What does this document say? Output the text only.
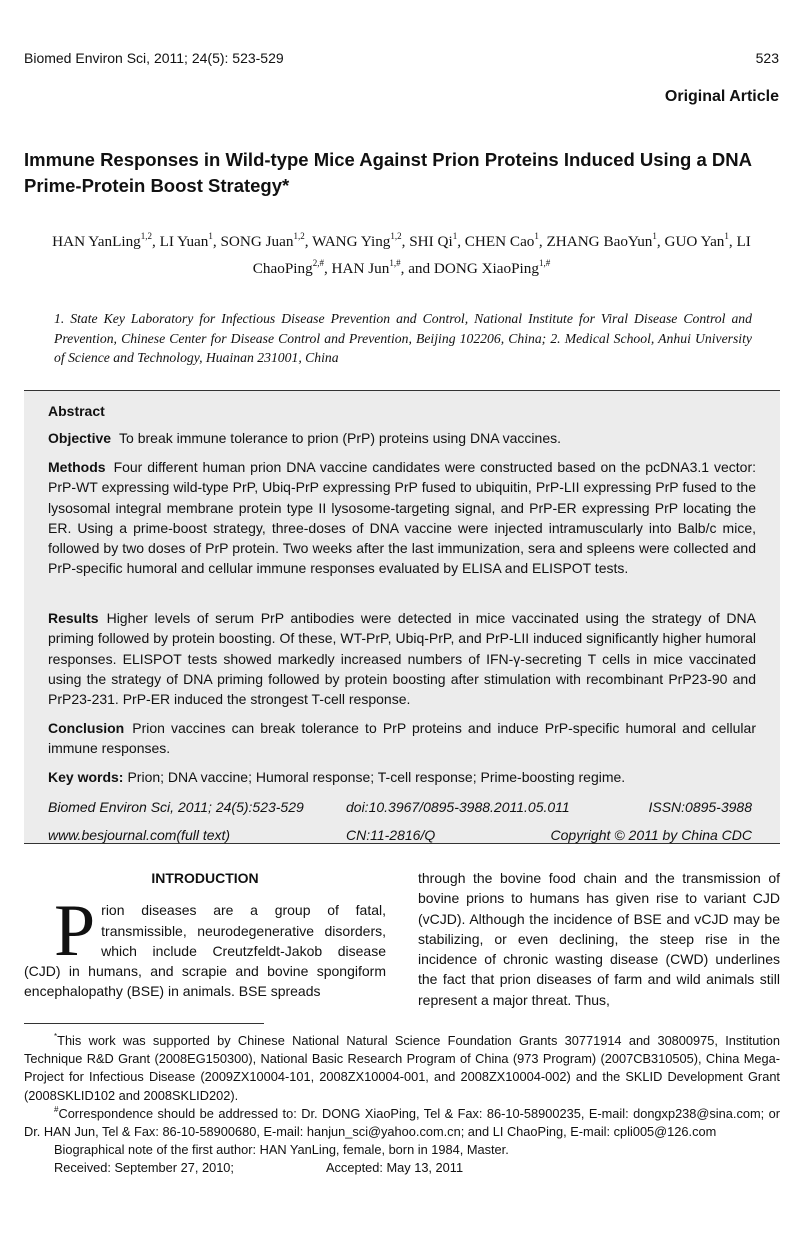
Biomed Environ Sci, 2011; 24(5): 523-529	523
Original Article
Immune Responses in Wild-type Mice Against Prion Proteins Induced Using a DNA Prime-Protein Boost Strategy*
HAN YanLing$^{1,2}$, LI Yuan$^1$, SONG Juan$^{1,2}$, WANG Ying$^{1,2}$, SHI Qi$^1$, CHEN Cao$^1$, ZHANG BaoYun$^1$, GUO Yan$^1$, LI ChaoPing$^{2,\#}$, HAN Jun$^{1,\#}$, and DONG XiaoPing$^{1,\#}$
1. State Key Laboratory for Infectious Disease Prevention and Control, National Institute for Viral Disease Control and Prevention, Chinese Center for Disease Control and Prevention, Beijing 102206, China; 2. Medical School, Anhui University of Science and Technology, Huainan 231001, China
Abstract
Objective To break immune tolerance to prion (PrP) proteins using DNA vaccines.
Methods Four different human prion DNA vaccine candidates were constructed based on the pcDNA3.1 vector: PrP-WT expressing wild-type PrP, Ubiq-PrP expressing PrP fused to ubiquitin, PrP-LII expressing PrP fused to the lysosomal integral membrane protein type II lysosome-targeting signal, and PrP-ER expressing PrP locating the ER. Using a prime-boost strategy, three-doses of DNA vaccine were injected intramuscularly into Balb/c mice, followed by two doses of PrP protein. Two weeks after the last immunization, sera and spleens were collected and PrP-specific humoral and cellular immune responses evaluated by ELISA and ELISPOT tests.
Results Higher levels of serum PrP antibodies were detected in mice vaccinated using the strategy of DNA priming followed by protein boosting. Of these, WT-PrP, Ubiq-PrP, and PrP-LII induced significantly higher humoral responses. ELISPOT tests showed markedly increased numbers of IFN-γ-secreting T cells in mice vaccinated using the strategy of DNA priming followed by protein boosting after stimulation with recombinant PrP23-90 and PrP23-231. PrP-ER induced the strongest T-cell response.
Conclusion Prion vaccines can break tolerance to PrP proteins and induce PrP-specific humoral and cellular immune responses.
Key words: Prion; DNA vaccine; Humoral response; T-cell response; Prime-boosting regime.
Biomed Environ Sci, 2011; 24(5):523-529	doi:10.3967/0895-3988.2011.05.011	ISSN:0895-3988
www.besjournal.com(full text)	CN:11-2816/Q	Copyright © 2011 by China CDC
INTRODUCTION

Prion diseases are a group of fatal, transmissible, neurodegenerative disorders, which include Creutzfeldt-Jakob disease (CJD) in humans, and scrapie and bovine spongiform encephalopathy (BSE) in animals. BSE spreads

through the bovine food chain and the transmission of bovine prions to humans has given rise to variant CJD (vCJD). Although the incidence of BSE and vCJD may be stabilizing, or even declining, the steep rise in the incidence of chronic wasting disease (CWD) underlines the fact that prion diseases of farm and wild animals still represent a major threat. Thus,

*This work was supported by Chinese National Natural Science Foundation Grants 30771914 and 30800975, Institution Technique R&D Grant (2008EG150300), National Basic Research Program of China (973 Program) (2007CB310505), China Mega-Project for Infectious Disease (2009ZX10004-101, 2008ZX10004-001, and 2008ZX10004-002) and the SKLID Development Grant (2008SKLID102 and 2008SKLID202).

#Correspondence should be addressed to: Dr. DONG XiaoPing, Tel & Fax: 86-10-58900235, E-mail: dongxp238@sina.com; or Dr. HAN Jun, Tel & Fax: 86-10-58900680, E-mail: hanjun_sci@yahoo.com.cn; and LI ChaoPing, E-mail: cpli005@126.com

Biographical note of the first author: HAN YanLing, female, born in 1984, Master.

Received: September 27, 2010;	Accepted: May 13, 2011
